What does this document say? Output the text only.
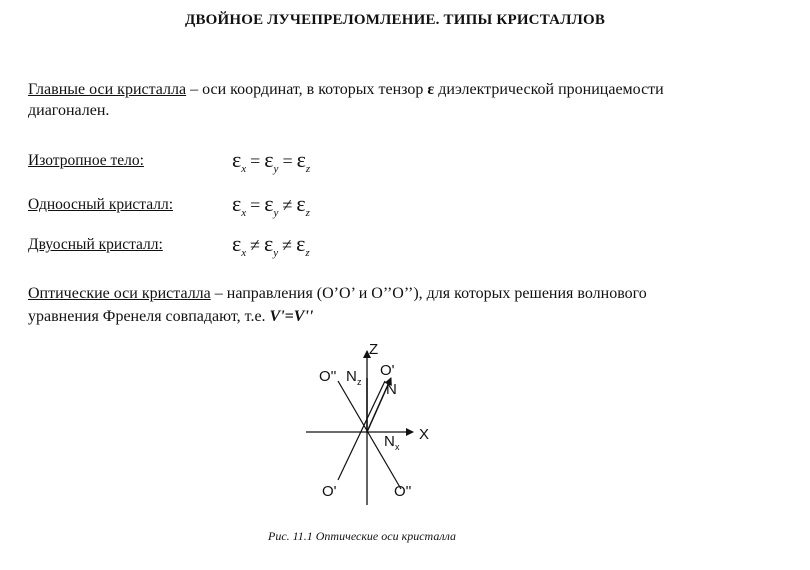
ДВОЙНОЕ ЛУЧЕПРЕЛОМЛЕНИЕ. ТИПЫ КРИСТАЛЛОВ
Главные оси кристалла – оси координат, в которых тензор ε диэлектрической проницаемости
диагонален.
Изотропное тело:	$\varepsilon_x = \varepsilon_y = \varepsilon_z$
Одноосный кристалл:	$\varepsilon_x = \varepsilon_y \ne \varepsilon_z$
Двуосный кристалл:	$\varepsilon_x \ne \varepsilon_y \ne \varepsilon_z$
Оптические оси кристалла – направления (O’O’ и O’’O’’), для которых решения волнового
уравнения Френеля совпадают, т.е. V'=V''
Z
X
N z
N x
N
O'
O''
O'	O''
Рис. 11.1 Оптические оси кристалла
